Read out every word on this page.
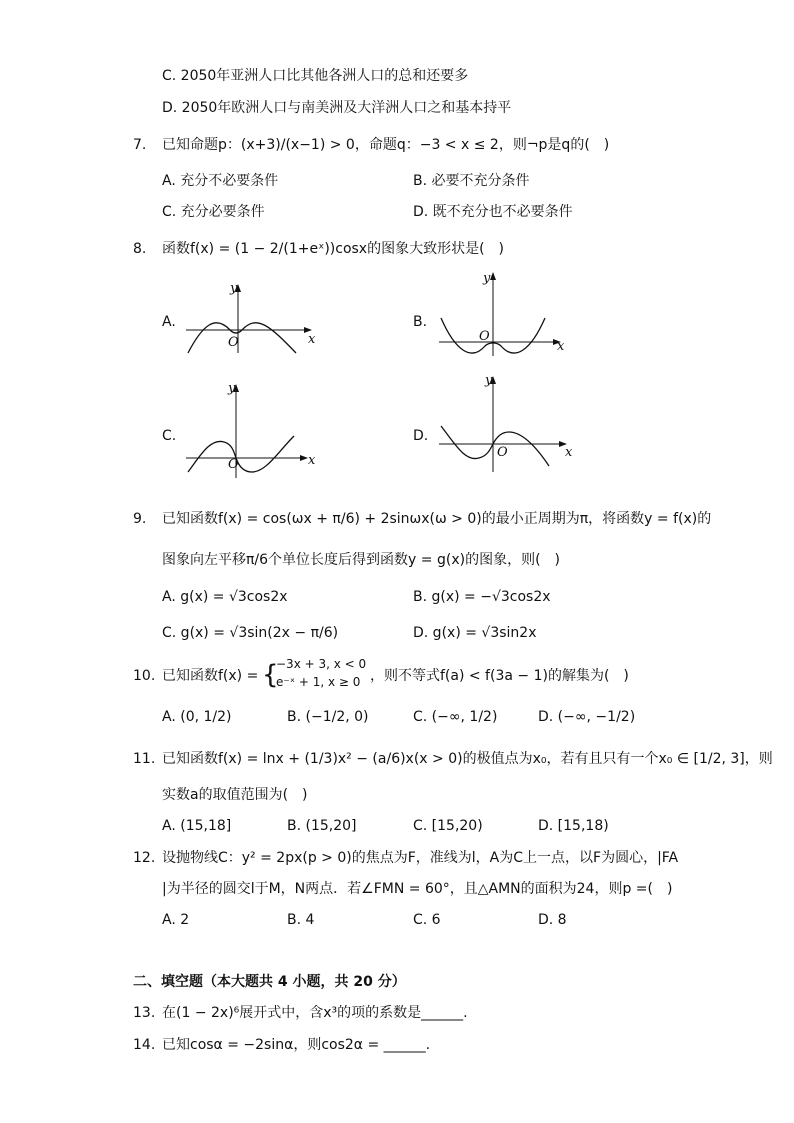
C. 2050年亚洲人口比其他各洲人口的总和还要多
D. 2050年欧洲人口与南美洲及大洋洲人口之和基本持平
7. 已知命题p：(x+3)/(x−1) > 0，命题q：−3 < x ≤ 2，则¬p是q的(　)
A. 充分不必要条件	B. 必要不充分条件
C. 充分必要条件	D. 既不充分也不必要条件
8. 函数f(x) = (1 − 2/(1+eˣ))cosx的图象大致形状是(　)
A.
y
x
O
B.
y
x
O
C.
y
x
O
D.
y
x
O
9. 已知函数f(x) = cos(ωx + π/6) + 2sinωx(ω > 0)的最小正周期为π，将函数y = f(x)的
图象向左平移π/6个单位长度后得到函数y = g(x)的图象，则(　)
A. g(x) = √3cos2x	B. g(x) = −√3cos2x
C. g(x) = √3sin(2x − π/6)	D. g(x) = √3sin2x
10. 已知函数f(x) = {
−3x + 3, x < 0
e⁻ˣ + 1, x ≥ 0 ，则不等式f(a) < f(3a − 1)的解集为(　)
A. (0, 1/2)	B. (−1/2, 0)	C. (−∞, 1/2)	D. (−∞, −1/2)
11. 已知函数f(x) = lnx + (1/3)x² − (a/6)x(x > 0)的极值点为x₀，若有且只有一个x₀ ∈ [1/2, 3]，则
实数a的取值范围为(　)
A. (15,18]	B. (15,20]	C. [15,20)	D. [15,18)
12. 设抛物线C：y² = 2px(p > 0)的焦点为F，准线为l，A为C上一点，以F为圆心，|FA
|为半径的圆交l于M，N两点．若∠FMN = 60°，且△AMN的面积为24，则p =(　)
A. 2	B. 4	C. 6	D. 8
二、填空题（本大题共 4 小题，共 20 分）
13. 在(1 − 2x)⁶展开式中，含x³的项的系数是______.
14. 已知cosα = −2sinα，则cos2α = ______.
